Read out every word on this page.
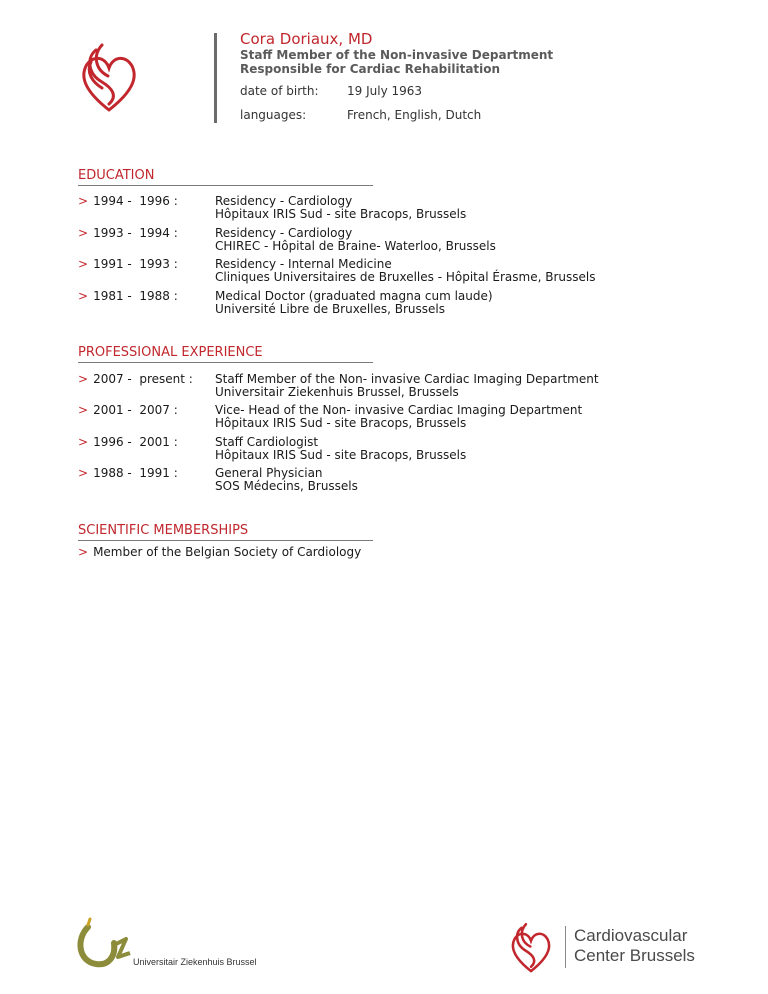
Cora Doriaux, MD
Staff Member of the Non-invasive Department
Responsible for Cardiac Rehabilitation
date of birth:	19 July 1963
languages:	French, English, Dutch
EDUCATION
> 1994 -  1996 :	Residency - Cardiology
Hôpitaux IRIS Sud - site Bracops, Brussels
> 1993 -  1994 :	Residency - Cardiology
CHIREC - Hôpital de Braine- Waterloo, Brussels
> 1991 -  1993 :	Residency - Internal Medicine
Cliniques Universitaires de Bruxelles - Hôpital Érasme, Brussels
> 1981 -  1988 :	Medical Doctor (graduated magna cum laude)
Université Libre de Bruxelles, Brussels
PROFESSIONAL EXPERIENCE
> 2007 -  present :	Staff Member of the Non- invasive Cardiac Imaging Department
Universitair Ziekenhuis Brussel, Brussels
> 2001 -  2007 :	Vice- Head of the Non- invasive Cardiac Imaging Department
Hôpitaux IRIS Sud - site Bracops, Brussels
> 1996 -  2001 :	Staff Cardiologist
Hôpitaux IRIS Sud - site Bracops, Brussels
> 1988 -  1991 :	General Physician
SOS Médecins, Brussels
SCIENTIFIC MEMBERSHIPS
> Member of the Belgian Society of Cardiology
Universitair Ziekenhuis Brussel
Cardiovascular
Center Brussels
